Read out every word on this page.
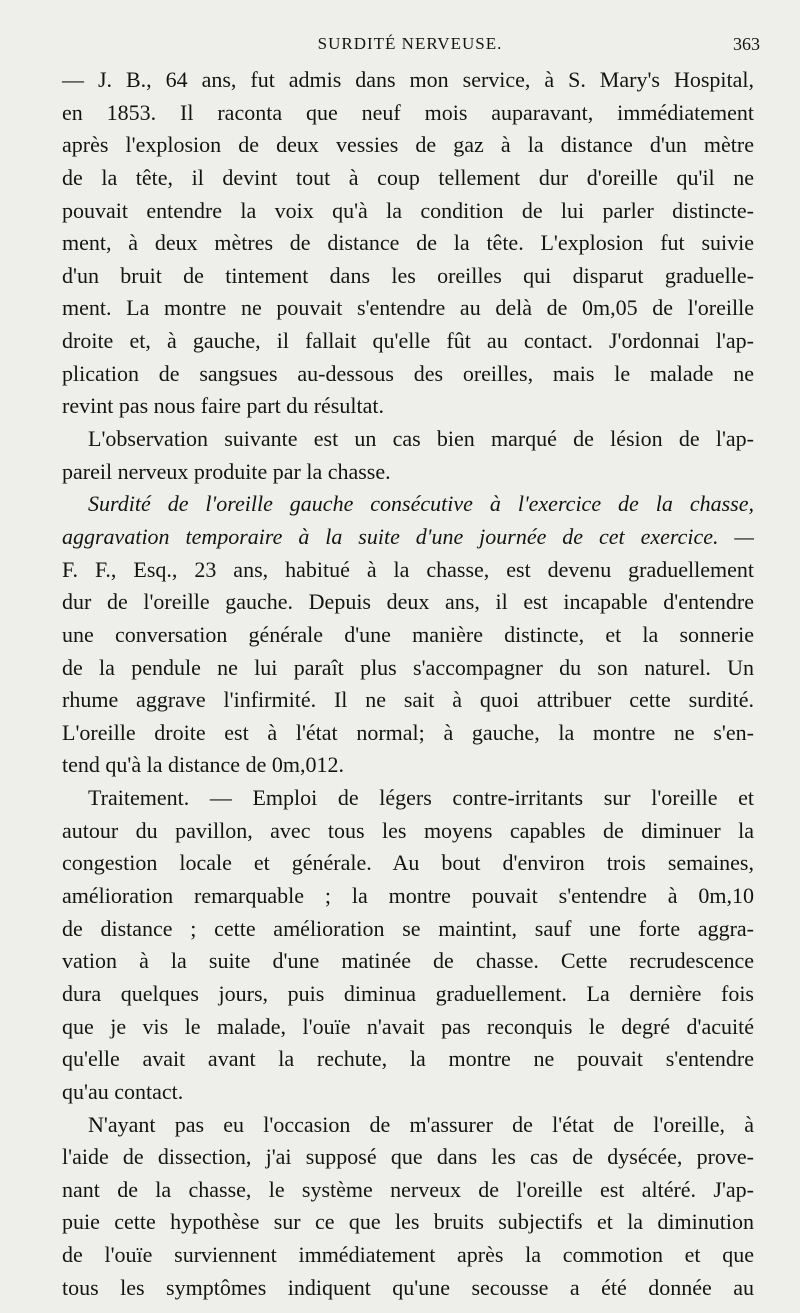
SURDITÉ NERVEUSE.	363
— J. B., 64 ans, fut admis dans mon service, à S. Mary's Hospital,
en 1853. Il raconta que neuf mois auparavant, immédiatement
après l'explosion de deux vessies de gaz à la distance d'un mètre
de la tête, il devint tout à coup tellement dur d'oreille qu'il ne
pouvait entendre la voix qu'à la condition de lui parler distincte-
ment, à deux mètres de distance de la tête. L'explosion fut suivie
d'un bruit de tintement dans les oreilles qui disparut graduelle-
ment. La montre ne pouvait s'entendre au delà de 0m,05 de l'oreille
droite et, à gauche, il fallait qu'elle fût au contact. J'ordonnai l'ap-
plication de sangsues au-dessous des oreilles, mais le malade ne
revint pas nous faire part du résultat.
L'observation suivante est un cas bien marqué de lésion de l'ap-
pareil nerveux produite par la chasse.
Surdité de l'oreille gauche consécutive à l'exercice de la chasse,
aggravation temporaire à la suite d'une journée de cet exercice. —
F. F., Esq., 23 ans, habitué à la chasse, est devenu graduellement
dur de l'oreille gauche. Depuis deux ans, il est incapable d'entendre
une conversation générale d'une manière distincte, et la sonnerie
de la pendule ne lui paraît plus s'accompagner du son naturel. Un
rhume aggrave l'infirmité. Il ne sait à quoi attribuer cette surdité.
L'oreille droite est à l'état normal; à gauche, la montre ne s'en-
tend qu'à la distance de 0m,012.
Traitement. — Emploi de légers contre-irritants sur l'oreille et
autour du pavillon, avec tous les moyens capables de diminuer la
congestion locale et générale. Au bout d'environ trois semaines,
amélioration remarquable ; la montre pouvait s'entendre à 0m,10
de distance ; cette amélioration se maintint, sauf une forte aggra-
vation à la suite d'une matinée de chasse. Cette recrudescence
dura quelques jours, puis diminua graduellement. La dernière fois
que je vis le malade, l'ouïe n'avait pas reconquis le degré d'acuité
qu'elle avait avant la rechute, la montre ne pouvait s'entendre
qu'au contact.
N'ayant pas eu l'occasion de m'assurer de l'état de l'oreille, à
l'aide de dissection, j'ai supposé que dans les cas de dysécée, prove-
nant de la chasse, le système nerveux de l'oreille est altéré. J'ap-
puie cette hypothèse sur ce que les bruits subjectifs et la diminution
de l'ouïe surviennent immédiatement après la commotion et que
tous les symptômes indiquent qu'une secousse a été donnée au
